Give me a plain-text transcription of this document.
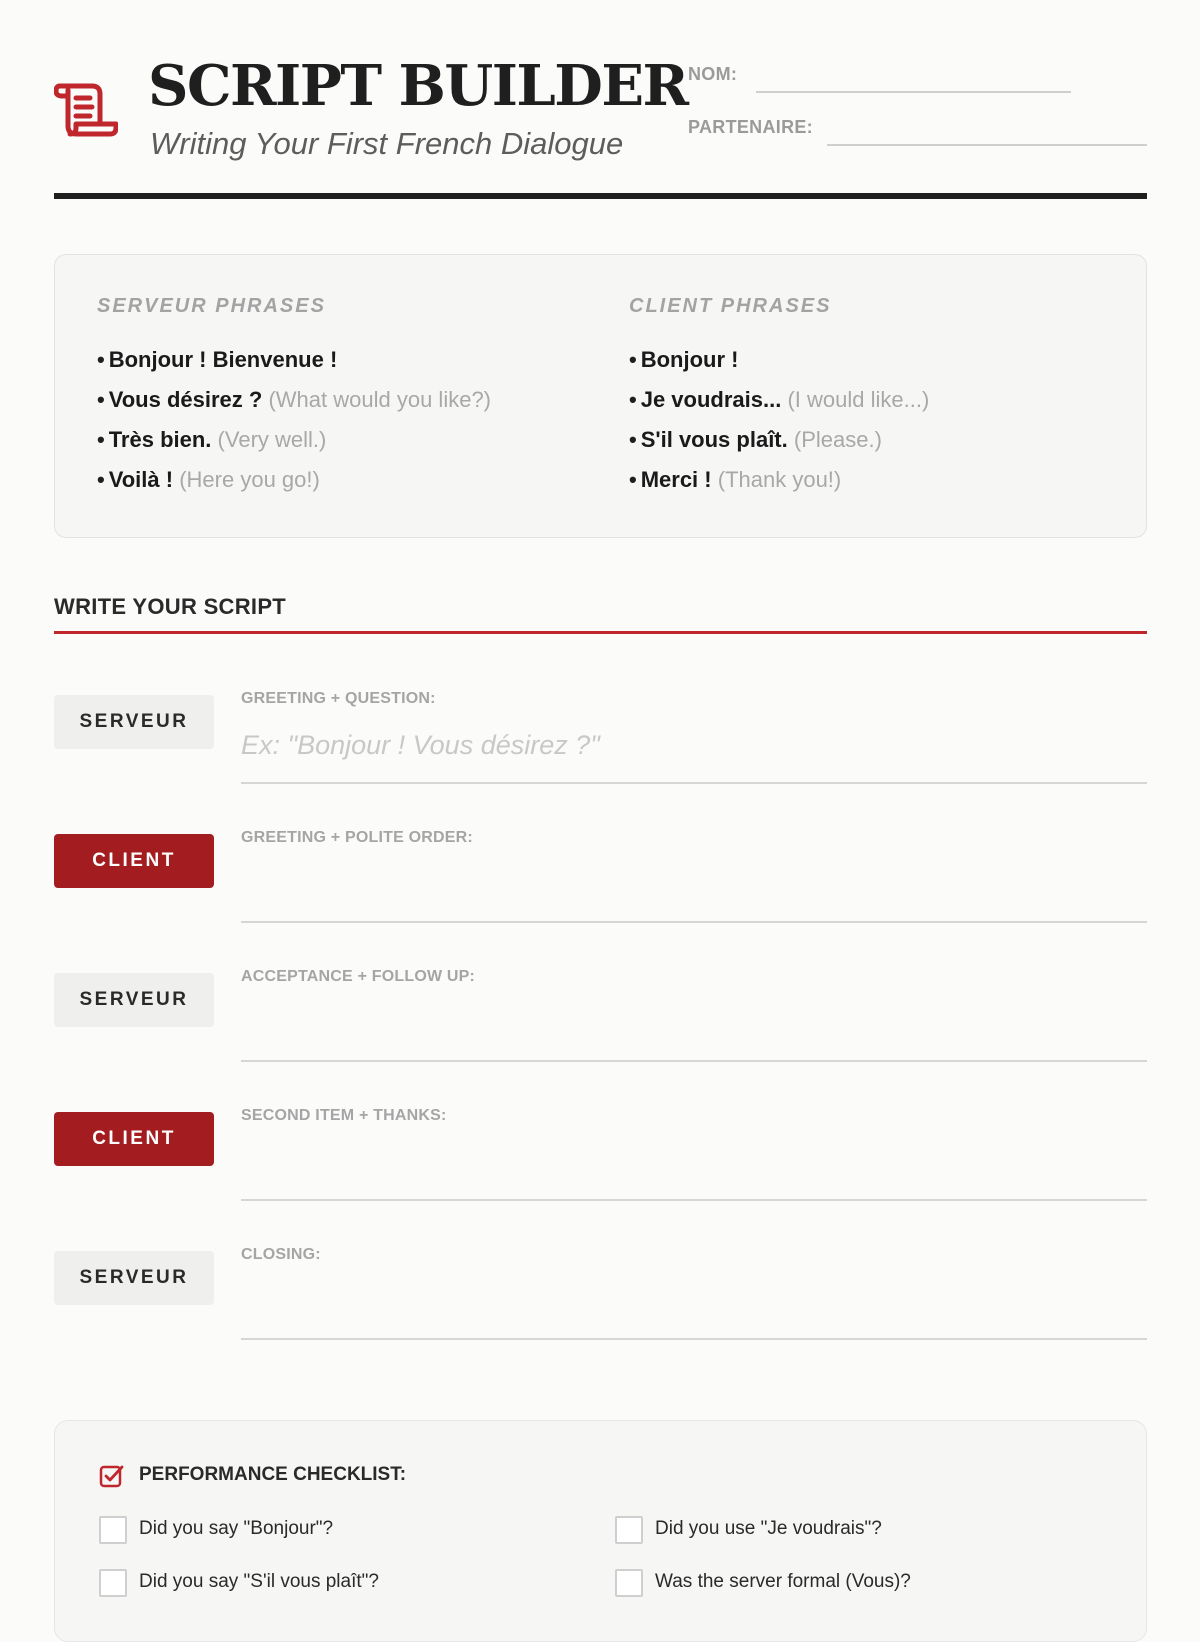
SCRIPT BUILDER
Writing Your First French Dialogue
NOM:
PARTENAIRE:
SERVEUR PHRASES
• Bonjour ! Bienvenue !
• Vous désirez ? (What would you like?)
• Très bien. (Very well.)
• Voilà ! (Here you go!)
CLIENT PHRASES
• Bonjour !
• Je voudrais... (I would like...)
• S'il vous plaît. (Please.)
• Merci ! (Thank you!)
WRITE YOUR SCRIPT
SERVEUR
GREETING + QUESTION:
Ex: "Bonjour ! Vous désirez ?"
CLIENT
GREETING + POLITE ORDER:
SERVEUR
ACCEPTANCE + FOLLOW UP:
CLIENT
SECOND ITEM + THANKS:
SERVEUR
CLOSING:
PERFORMANCE CHECKLIST:
Did you say "Bonjour"?	Did you use "Je voudrais"?
Did you say "S'il vous plaît"?	Was the server formal (Vous)?
